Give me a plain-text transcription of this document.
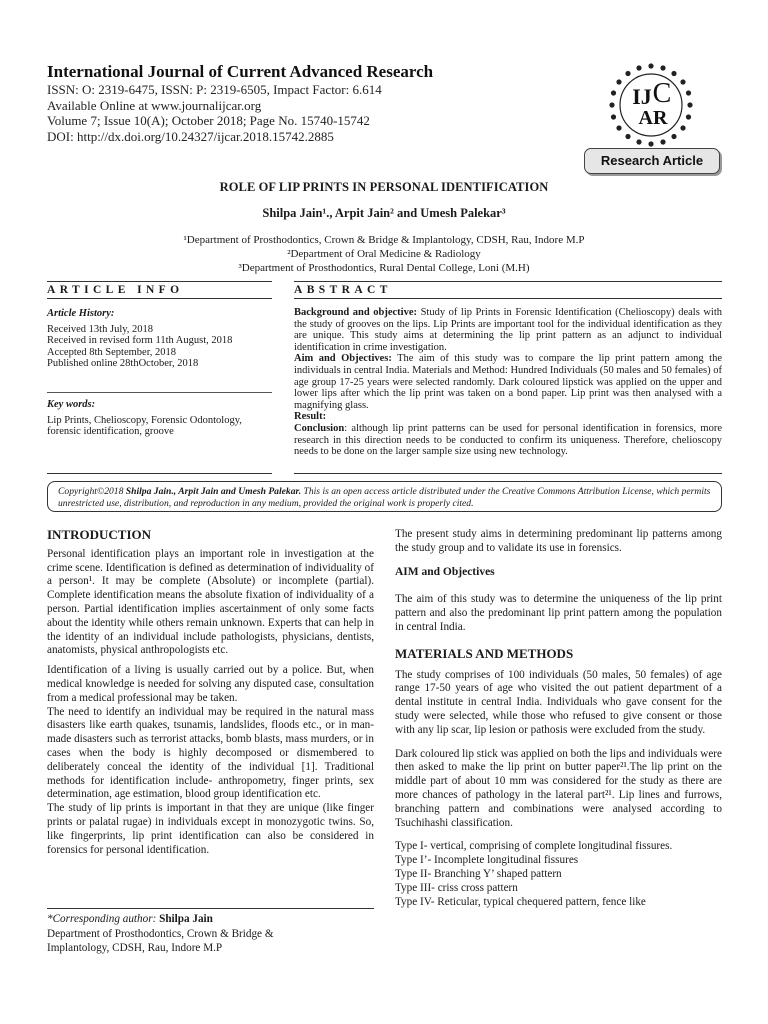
International Journal of Current Advanced Research
ISSN: O: 2319-6475, ISSN: P: 2319-6505, Impact Factor: 6.614
Available Online at www.journalijcar.org
Volume 7; Issue 10(A); October 2018; Page No. 15740-15742
DOI: http://dx.doi.org/10.24327/ijcar.2018.15742.2885
IJ C
AR
Research Article
ROLE OF LIP PRINTS IN PERSONAL IDENTIFICATION
Shilpa Jain¹., Arpit Jain² and Umesh Palekar³
¹Department of Prosthodontics, Crown & Bridge & Implantology, CDSH, Rau, Indore M.P
²Department of Oral Medicine & Radiology
³Department of Prosthodontics, Rural Dental College, Loni (M.H)
ARTICLE INFO	ABSTRACT
Article History:
Received 13th July, 2018
Received in revised form 11th August, 2018
Accepted 8th September, 2018
Published online 28thOctober, 2018
Key words:
Lip Prints, Chelioscopy, Forensic Odontology, forensic identification, groove
Background and objective: Study of lip Prints in Forensic Identification (Chelioscopy) deals with the study of grooves on the lips. Lip Prints are important tool for the individual identification as they are unique. This study aims at determining the lip print pattern as an adjunct to individual identification in crime investigation.
Aim and Objectives: The aim of this study was to compare the lip print pattern among the individuals in central India. Materials and Method: Hundred Individuals (50 males and 50 females) of age group 17-25 years were selected randomly. Dark coloured lipstick was applied on the upper and lower lips after which the lip print was taken on a bond paper. Lip print was then analysed with a magnifying glass.
Result:
Conclusion: although lip print patterns can be used for personal identification in forensics, more research in this direction needs to be conducted to confirm its uniqueness. Therefore, chelioscopy needs to be done on the larger sample size using new technology.
Copyright©2018 Shilpa Jain., Arpit Jain and Umesh Palekar. This is an open access article distributed under the Creative Commons Attribution License, which permits unrestricted use, distribution, and reproduction in any medium, provided the original work is properly cited.
INTRODUCTION

Personal identification plays an important role in investigation at the crime scene. Identification is defined as determination of individuality of a person¹. It may be complete (Absolute) or incomplete (partial). Complete identification means the absolute fixation of individuality of a person. Partial identification implies ascertainment of only some facts about the identity while others remain unknown. Experts that can help in the identity of an individual include pathologists, physicians, dentists, anatomists, physical anthropologists etc.

Identification of a living is usually carried out by a police. But, when medical knowledge is needed for solving any disputed case, consultation from a medical professional may be taken.

The need to identify an individual may be required in the natural mass disasters like earth quakes, tsunamis, landslides, floods etc., or in man-made disasters such as terrorist attacks, bomb blasts, mass murders, or in cases when the body is highly decomposed or dismembered to deliberately conceal the identity of the individual [1]. Traditional methods for identification include- anthropometry, finger prints, sex determination, age estimation, blood group identification etc.

The study of lip prints is important in that they are unique (like finger prints or palatal rugae) in individuals except in monozygotic twins. So, like fingerprints, lip print identification can also be considered in forensics for personal identification.

*Corresponding author: Shilpa Jain
Department of Prosthodontics, Crown & Bridge &
Implantology, CDSH, Rau, Indore M.P

The present study aims in determining predominant lip patterns among the study group and to validate its use in forensics.

AIM and Objectives

The aim of this study was to determine the uniqueness of the lip print pattern and also the predominant lip print pattern among the population in central India.

MATERIALS AND METHODS

The study comprises of 100 individuals (50 males, 50 females) of age range 17-50 years of age who visited the out patient department of a dental institute in central India. Individuals who gave consent for the study were selected, while those who refused to give consent or those with any lip scar, lip lesion or pathosis were excluded from the study.

Dark coloured lip stick was applied on both the lips and individuals were then asked to make the lip print on butter paper²¹.The lip print on the middle part of about 10 mm was considered for the study as there are more chances of pathology in the lateral part²¹. Lip lines and furrows, branching pattern and combinations were analysed according to Tsuchihashi classification.

Type I- vertical, comprising of complete longitudinal fissures.
Type I’- Incomplete longitudinal fissures
Type II- Branching Y’ shaped pattern
Type III- criss cross pattern
Type IV- Reticular, typical chequered pattern, fence like
